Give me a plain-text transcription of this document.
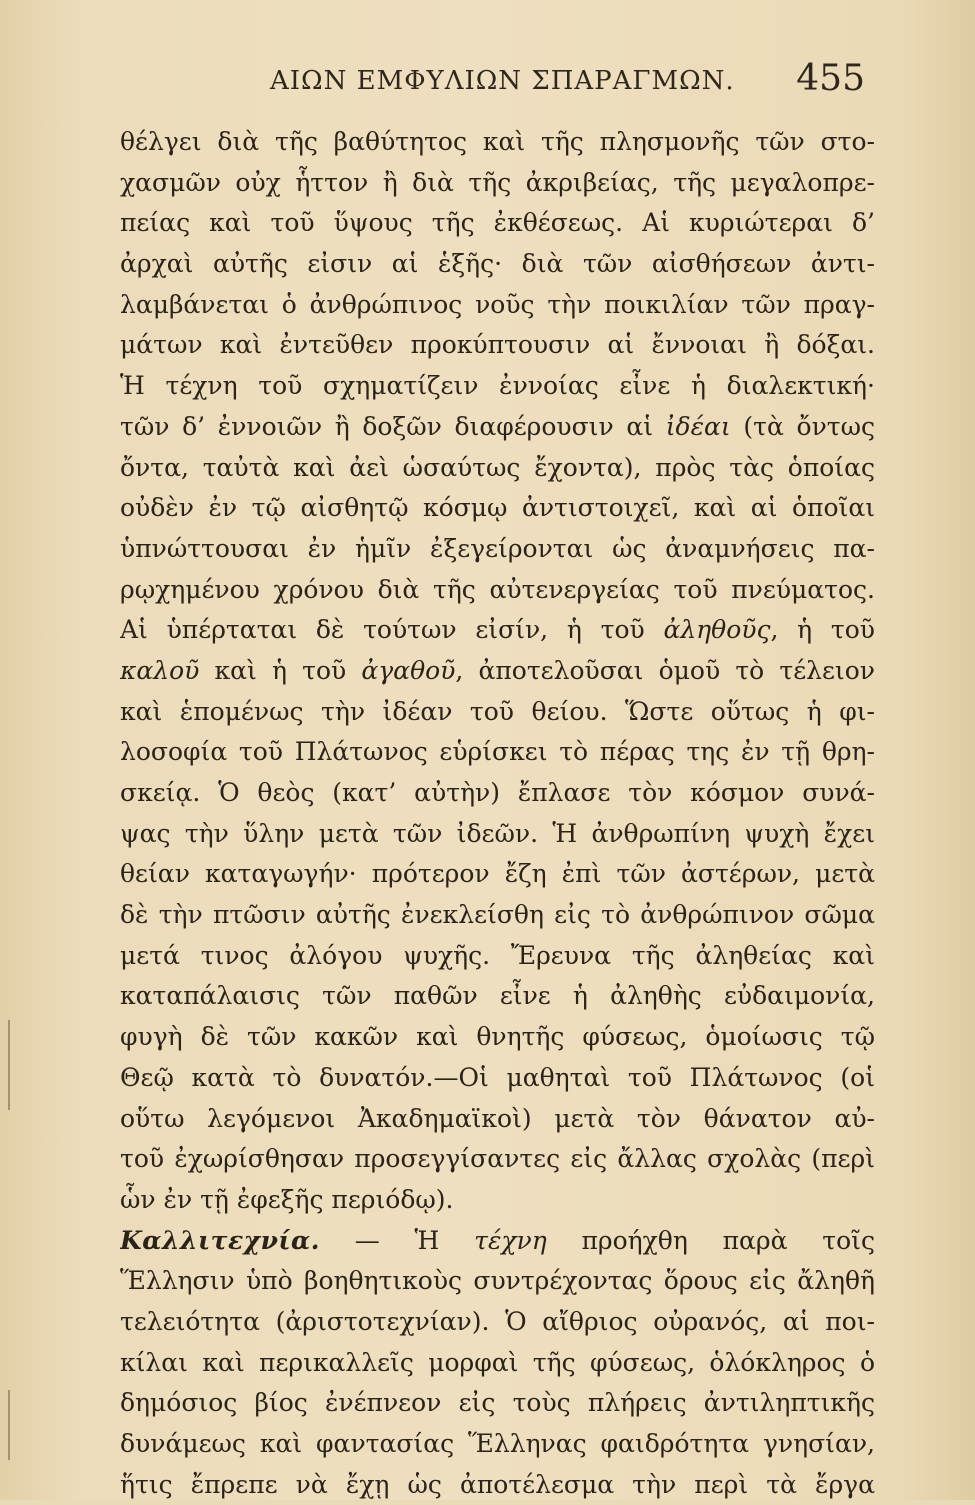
ΑΙΩΝ ΕΜΦΥΛΙΩΝ ΣΠΑΡΑΓΜΩΝ. 455
θέλγει διὰ τῆς βαθύτητος καὶ τῆς πλησμονῆς τῶν στο-
χασμῶν οὐχ ἧττον ἢ διὰ τῆς ἀκριβείας, τῆς μεγαλοπρε-
πείας καὶ τοῦ ὕψους τῆς ἐκθέσεως. Αἱ κυριώτεραι δ’
ἀρχαὶ αὐτῆς εἰσιν αἱ ἑξῆς· διὰ τῶν αἰσθήσεων ἀντι-
λαμβάνεται ὁ ἀνθρώπινος νοῦς τὴν ποικιλίαν τῶν πραγ-
μάτων καὶ ἐντεῦθεν προκύπτουσιν αἱ ἔννοιαι ἢ δόξαι.
Ἡ τέχνη τοῦ σχηματίζειν ἐννοίας εἶνε ἡ διαλεκτική·
τῶν δ’ ἐννοιῶν ἢ δοξῶν διαφέρουσιν αἱ ἰδέαι (τὰ ὄντως
ὄντα, ταὐτὰ καὶ ἀεὶ ὡσαύτως ἔχοντα), πρὸς τὰς ὁποίας
οὐδὲν ἐν τῷ αἰσθητῷ κόσμῳ ἀντιστοιχεῖ, καὶ αἱ ὁποῖαι
ὑπνώττουσαι ἐν ἡμῖν ἐξεγείρονται ὡς ἀναμνήσεις πα-
ρῳχημένου χρόνου διὰ τῆς αὐτενεργείας τοῦ πνεύματος.
Αἱ ὑπέρταται δὲ τούτων εἰσίν, ἡ τοῦ ἀληθοῦς, ἡ τοῦ
καλοῦ καὶ ἡ τοῦ ἀγαθοῦ, ἀποτελοῦσαι ὁμοῦ τὸ τέλειον
καὶ ἑπομένως τὴν ἰδέαν τοῦ θείου. Ὥστε οὕτως ἡ φι-
λοσοφία τοῦ Πλάτωνος εὑρίσκει τὸ πέρας της ἐν τῇ θρη-
σκείᾳ. Ὁ θεὸς (κατ’ αὐτὴν) ἔπλασε τὸν κόσμον συνά-
ψας τὴν ὕλην μετὰ τῶν ἰδεῶν. Ἡ ἀνθρωπίνη ψυχὴ ἔχει
θείαν καταγωγήν· πρότερον ἔζη ἐπὶ τῶν ἀστέρων, μετὰ
δὲ τὴν πτῶσιν αὐτῆς ἐνεκλείσθη εἰς τὸ ἀνθρώπινον σῶμα
μετά τινος ἀλόγου ψυχῆς. Ἔρευνα τῆς ἀληθείας καὶ
καταπάλαισις τῶν παθῶν εἶνε ἡ ἀληθὴς εὐδαιμονία,
φυγὴ δὲ τῶν κακῶν καὶ θνητῆς φύσεως, ὁμοίωσις τῷ
Θεῷ κατὰ τὸ δυνατόν.—Οἱ μαθηταὶ τοῦ Πλάτωνος (οἱ
οὕτω λεγόμενοι Ἀκαδημαϊκοὶ) μετὰ τὸν θάνατον αὐ-
τοῦ ἐχωρίσθησαν προσεγγίσαντες εἰς ἄλλας σχολὰς (περὶ
ὧν ἐν τῇ ἐφεξῆς περιόδῳ).
Καλλιτεχνία. — Ἡ τέχνη προήχθη παρὰ τοῖς
Ἕλλησιν ὑπὸ βοηθητικοὺς συντρέχοντας ὅρους εἰς ἄληθῆ
τελειότητα (ἀριστοτεχνίαν). Ὁ αἴθριος οὐρανός, αἱ ποι-
κίλαι καὶ περικαλλεῖς μορφαὶ τῆς φύσεως, ὁλόκληρος ὁ
δημόσιος βίος ἐνέπνεον εἰς τοὺς πλήρεις ἀντιληπτικῆς
δυνάμεως καὶ φαντασίας Ἕλληνας φαιδρότητα γνησίαν,
ἥτις ἔπρεπε νὰ ἔχῃ ὡς ἀποτέλεσμα τὴν περὶ τὰ ἔργα
